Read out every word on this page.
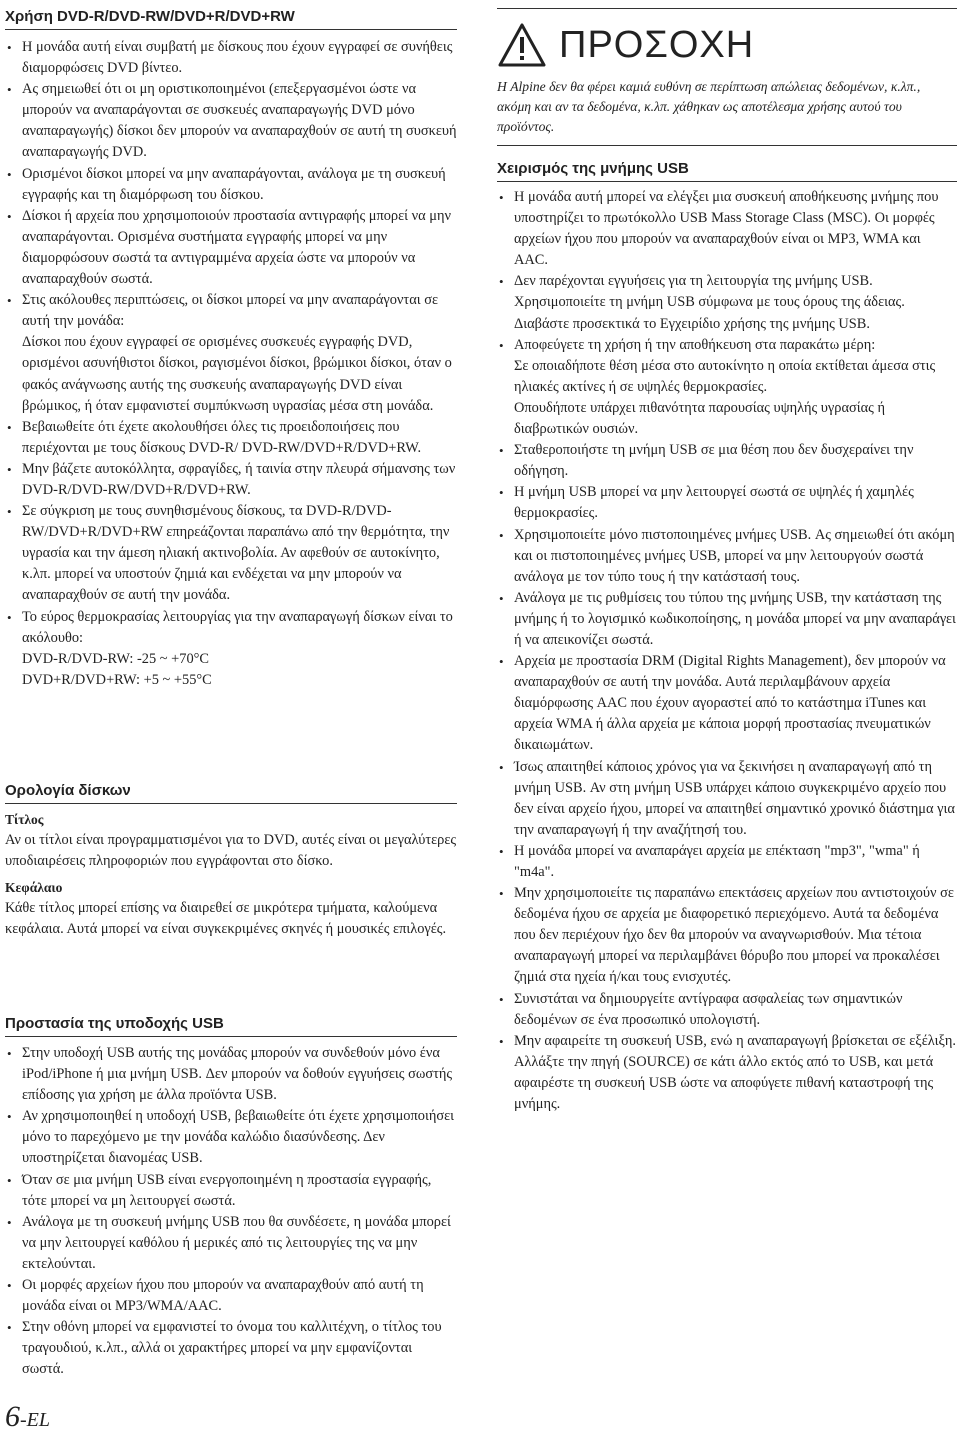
Χρήση DVD-R/DVD-RW/DVD+R/DVD+RW
• Η μονάδα αυτή είναι συμβατή με δίσκους που έχουν εγγραφεί σε συνήθεις διαμορφώσεις DVD βίντεο.
• Ας σημειωθεί ότι οι μη οριστικοποιημένοι (επεξεργασμένοι ώστε να μπορούν να αναπαράγονται σε συσκευές αναπαραγωγής DVD μόνο αναπαραγωγής) δίσκοι δεν μπορούν να αναπαραχθούν σε αυτή τη συσκευή αναπαραγωγής DVD.
• Ορισμένοι δίσκοι μπορεί να μην αναπαράγονται, ανάλογα με τη συσκευή εγγραφής και τη διαμόρφωση του δίσκου.
• Δίσκοι ή αρχεία που χρησιμοποιούν προστασία αντιγραφής μπορεί να μην αναπαράγονται. Ορισμένα συστήματα εγγραφής μπορεί να μην διαμορφώσουν σωστά τα αντιγραμμένα αρχεία ώστε να μπορούν να αναπαραχθούν σωστά.
• Στις ακόλουθες περιπτώσεις, οι δίσκοι μπορεί να μην αναπαράγονται σε αυτή την μονάδα:
Δίσκοι που έχουν εγγραφεί σε ορισμένες συσκευές εγγραφής DVD, ορισμένοι ασυνήθιστοι δίσκοι, ραγισμένοι δίσκοι, βρώμικοι δίσκοι, όταν ο φακός ανάγνωσης αυτής της συσκευής αναπαραγωγής DVD είναι βρώμικος, ή όταν εμφανιστεί συμπύκνωση υγρασίας μέσα στη μονάδα.
• Βεβαιωθείτε ότι έχετε ακολουθήσει όλες τις προειδοποιήσεις που περιέχονται με τους δίσκους DVD-R/ DVD-RW/DVD+R/DVD+RW.
• Μην βάζετε αυτοκόλλητα, σφραγίδες, ή ταινία στην πλευρά σήμανσης των DVD-R/DVD-RW/DVD+R/DVD+RW.
• Σε σύγκριση με τους συνηθισμένους δίσκους, τα DVD-R/DVD-RW/DVD+R/DVD+RW επηρεάζονται παραπάνω από την θερμότητα, την υγρασία και την άμεση ηλιακή ακτινοβολία. Αν αφεθούν σε αυτοκίνητο, κ.λπ. μπορεί να υποστούν ζημιά και ενδέχεται να μην μπορούν να αναπαραχθούν σε αυτή την μονάδα.
• Το εύρος θερμοκρασίας λειτουργίας για την αναπαραγωγή δίσκων είναι το ακόλουθο:
DVD-R/DVD-RW: -25 ~ +70°C
DVD+R/DVD+RW: +5 ~ +55°C
Ορολογία δίσκων

Τίτλος

Αν οι τίτλοι είναι προγραμματισμένοι για το DVD, αυτές είναι οι μεγαλύτερες υποδιαιρέσεις πληροφοριών που εγγράφονται στο δίσκο.

Κεφάλαιο

Κάθε τίτλος μπορεί επίσης να διαιρεθεί σε μικρότερα τμήματα, καλούμενα κεφάλαια. Αυτά μπορεί να είναι συγκεκριμένες σκηνές ή μουσικές επιλογές.

Προστασία της υποδοχής USB
• Στην υποδοχή USB αυτής της μονάδας μπορούν να συνδεθούν μόνο ένα iPod/iPhone ή μια μνήμη USB. Δεν μπορούν να δοθούν εγγυήσεις σωστής επίδοσης για χρήση με άλλα προϊόντα USB.
• Αν χρησιμοποιηθεί η υποδοχή USB, βεβαιωθείτε ότι έχετε χρησιμοποιήσει μόνο το παρεχόμενο με την μονάδα καλώδιο διασύνδεσης. Δεν υποστηρίζεται διανομέας USB.
• Όταν σε μια μνήμη USB είναι ενεργοποιημένη η προστασία εγγραφής, τότε μπορεί να μη λειτουργεί σωστά.
• Ανάλογα με τη συσκευή μνήμης USB που θα συνδέσετε, η μονάδα μπορεί να μην λειτουργεί καθόλου ή μερικές από τις λειτουργίες της να μην εκτελούνται.
• Οι μορφές αρχείων ήχου που μπορούν να αναπαραχθούν από αυτή τη μονάδα είναι οι MP3/WMA/AAC.
• Στην οθόνη μπορεί να εμφανιστεί το όνομα του καλλιτέχνη, ο τίτλος του τραγουδιού, κ.λπ., αλλά οι χαρακτήρες μπορεί να μην εμφανίζονται σωστά.
6-EL
ΠΡΟΣΟΧΗ

Η Alpine δεν θα φέρει καμιά ευθύνη σε περίπτωση απώλειας δεδομένων, κ.λπ., ακόμη και αν τα δεδομένα, κ.λπ. χάθηκαν ως αποτέλεσμα χρήσης αυτού του προϊόντος.

Χειρισμός της μνήμης USB
• Η μονάδα αυτή μπορεί να ελέγξει μια συσκευή αποθήκευσης μνήμης που υποστηρίζει το πρωτόκολλο USB Mass Storage Class (MSC). Οι μορφές αρχείων ήχου που μπορούν να αναπαραχθούν είναι οι MP3, WMA και AAC.
• Δεν παρέχονται εγγυήσεις για τη λειτουργία της μνήμης USB. Χρησιμοποιείτε τη μνήμη USB σύμφωνα με τους όρους της άδειας. Διαβάστε προσεκτικά το Εγχειρίδιο χρήσης της μνήμης USB.
• Αποφεύγετε τη χρήση ή την αποθήκευση στα παρακάτω μέρη:
Σε οποιαδήποτε θέση μέσα στο αυτοκίνητο η οποία εκτίθεται άμεσα στις ηλιακές ακτίνες ή σε υψηλές θερμοκρασίες.
Οπουδήποτε υπάρχει πιθανότητα παρουσίας υψηλής υγρασίας ή διαβρωτικών ουσιών.
• Σταθεροποιήστε τη μνήμη USB σε μια θέση που δεν δυσχεραίνει την οδήγηση.
• Η μνήμη USB μπορεί να μην λειτουργεί σωστά σε υψηλές ή χαμηλές θερμοκρασίες.
• Χρησιμοποιείτε μόνο πιστοποιημένες μνήμες USB. Ας σημειωθεί ότι ακόμη και οι πιστοποιημένες μνήμες USB, μπορεί να μην λειτουργούν σωστά ανάλογα με τον τύπο τους ή την κατάστασή τους.
• Ανάλογα με τις ρυθμίσεις του τύπου της μνήμης USB, την κατάσταση της μνήμης ή το λογισμικό κωδικοποίησης, η μονάδα μπορεί να μην αναπαράγει ή να απεικονίζει σωστά.
• Αρχεία με προστασία DRM (Digital Rights Management), δεν μπορούν να αναπαραχθούν σε αυτή την μονάδα. Αυτά περιλαμβάνουν αρχεία διαμόρφωσης AAC που έχουν αγοραστεί από το κατάστημα iTunes και αρχεία WMA ή άλλα αρχεία με κάποια μορφή προστασίας πνευματικών δικαιωμάτων.
• Ίσως απαιτηθεί κάποιος χρόνος για να ξεκινήσει η αναπαραγωγή από τη μνήμη USB. Αν στη μνήμη USB υπάρχει κάποιο συγκεκριμένο αρχείο που δεν είναι αρχείο ήχου, μπορεί να απαιτηθεί σημαντικό χρονικό διάστημα για την αναπαραγωγή ή την αναζήτησή του.
• Η μονάδα μπορεί να αναπαράγει αρχεία με επέκταση "mp3", "wma" ή "m4a".
• Μην χρησιμοποιείτε τις παραπάνω επεκτάσεις αρχείων που αντιστοιχούν σε δεδομένα ήχου σε αρχεία με διαφορετικό περιεχόμενο. Αυτά τα δεδομένα που δεν περιέχουν ήχο δεν θα μπορούν να αναγνωρισθούν. Μια τέτοια αναπαραγωγή μπορεί να περιλαμβάνει θόρυβο που μπορεί να προκαλέσει ζημιά στα ηχεία ή/και τους ενισχυτές.
• Συνιστάται να δημιουργείτε αντίγραφα ασφαλείας των σημαντικών δεδομένων σε ένα προσωπικό υπολογιστή.
• Μην αφαιρείτε τη συσκευή USB, ενώ η αναπαραγωγή βρίσκεται σε εξέλιξη. Αλλάξτε την πηγή (SOURCE) σε κάτι άλλο εκτός από το USB, και μετά αφαιρέστε τη συσκευή USB ώστε να αποφύγετε πιθανή καταστροφή της μνήμης.
